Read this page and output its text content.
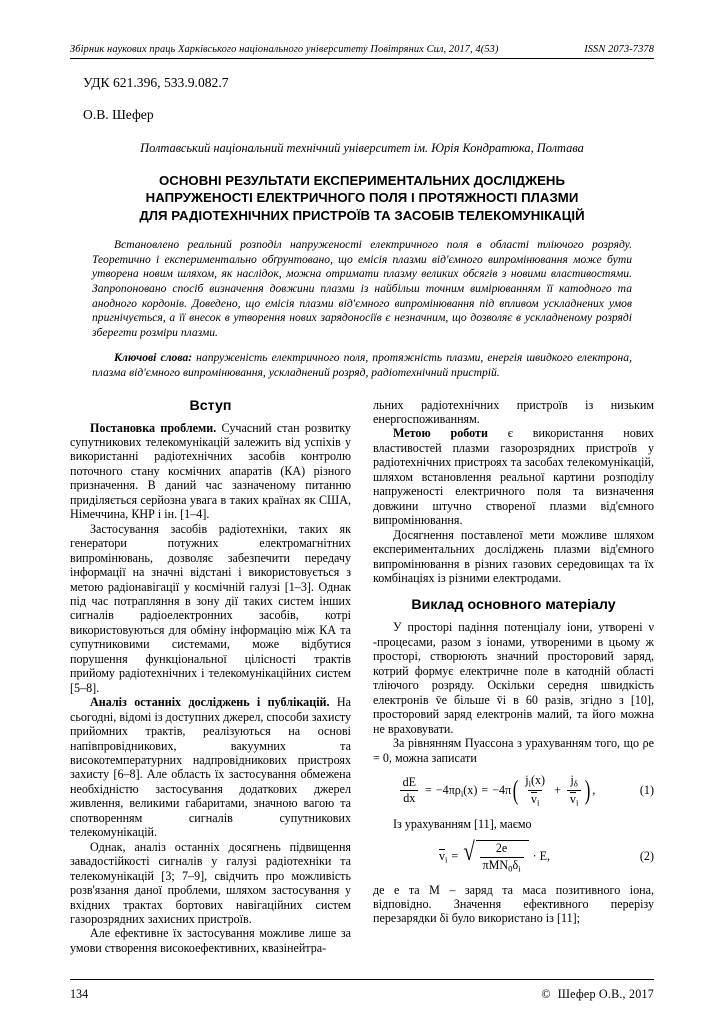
Збірник наукових праць Харківського національного університету Повітряних Сил, 2017, 4(53)	ISSN 2073-7378
УДК 621.396, 533.9.082.7
О.В. Шефер
Полтавський національний технічний університет ім. Юрія Кондратюка, Полтава
ОСНОВНІ РЕЗУЛЬТАТИ ЕКСПЕРИМЕНТАЛЬНИХ ДОСЛІДЖЕНЬ
НАПРУЖЕНОСТІ ЕЛЕКТРИЧНОГО ПОЛЯ І ПРОТЯЖНОСТІ ПЛАЗМИ
ДЛЯ РАДІОТЕХНІЧНИХ ПРИСТРОЇВ ТА ЗАСОБІВ ТЕЛЕКОМУНІКАЦІЙ
Встановлено реальний розподіл напруженості електричного поля в області тліючого розряду. Теоретично і експериментально обґрунтовано, що емісія плазми від'ємного випромінювання може бути утворена новим шляхом, як наслідок, можна отримати плазму великих обсягів з новими властивостями. Запропоновано спосіб визначення довжини плазми із найбільш точним вимірюванням її катодного та анодного кордонів. Доведено, що емісія плазми від'ємного випромінювання під впливом ускладнених умов пригнічується, а її внесок в утворення нових зарядоносіїв є незначним, що дозволяє в ускладненому розряді зберегти розміри плазми.
Ключові слова: напруженість електричного поля, протяжність плазми, енергія швидкого електрона, плазма від'ємного випромінювання, ускладнений розряд, радіотехнічний пристрій.
Вступ

Постановка проблеми. Сучасний стан розвитку супутникових телекомунікацій залежить від успіхів у використанні радіотехнічних засобів контролю поточного стану космічних апаратів (КА) різного призначення. В даний час зазначеному питанню приділяється серйозна увага в таких країнах як США, Німеччина, КНР і ін. [1–4].

Застосування засобів радіотехніки, таких як генератори потужних електромагнітних випромінювань, дозволяє забезпечити передачу інформації на значні відстані і використовується з метою радіонавігації у космічній галузі [1–3]. Однак під час потрапляння в зону дії таких систем інших сигналів радіоелектронних засобів, котрі використовуються для обміну інформацію між КА та супутниковими системами, може відбутися порушення функціональної цілісності трактів прийому радіотехнічних і телекомунікаційних систем [5–8].

Аналіз останніх досліджень і публікацій. На сьогодні, відомі із доступних джерел, способи захисту прийомних трактів, реалізуються на основі напівпровідникових, вакуумних та високотемпературних надпровідникових пристроях захисту [6–8]. Але область їх застосування обмежена необхідністю застосування додаткових джерел живлення, великими габаритами, значною вагою та спотворенням сигналів супутникових телекомунікацій.

Однак, аналіз останніх досягнень підвищення завадостійкості сигналів у галузі радіотехніки та телекомунікацій [3; 7–9], свідчить про можливість розв'язання даної проблеми, шляхом застосування у вхідних трактах бортових навігаційних систем газорозрядних захисних пристроїв.

Але ефективне їх застосування можливе лише за умови створення високоефективних, квазінейтра-

льних радіотехнічних пристроїв із низьким енергоспоживанням.

Метою роботи є використання нових властивостей плазми газорозрядних пристроїв у радіотехнічних пристроях та засобах телекомунікацій, шляхом встановлення реальної картини розподілу напруженості електричного поля та визначення довжини штучно створеної плазми від'ємного випромінювання.

Досягнення поставленої мети можливе шляхом експериментальних досліджень плазми від'ємного випромінювання в різних газових середовищах та їх комбінаціях із різними електродами.

Виклад основного матеріалу

У просторі падіння потенціалу іони, утворені ν -процесами, разом з іонами, утвореними в цьому ж просторі, створюють значний просторовий заряд, котрий формує електричне поле в катодній області тліючого розряду. Оскільки середня швидкість електронів v̄е більше v̄i в 60 разів, згідно з [10], просторовий заряд електронів малий, та його можна не враховувати.

За рівнянням Пуассона з урахуванням того, що ρе = 0, можна записати

$\frac{dE}{dx} = -4\pi\rho_i(x) = -4\pi$ ( $\frac{j_i(x)}{v_i} + \frac{j_\delta}{v_i}$ ) ,	(1)

Із урахуванням [11], маємо

$v_i$ = √ $\frac{2e}{\pi MN_0\delta_i} \cdot E$,	(2)

де е та М – заряд та маса позитивного іона, відповідно. Значення ефективного перерізу перезарядки δi було використано із [11];

134	© Шефер О.В., 2017
